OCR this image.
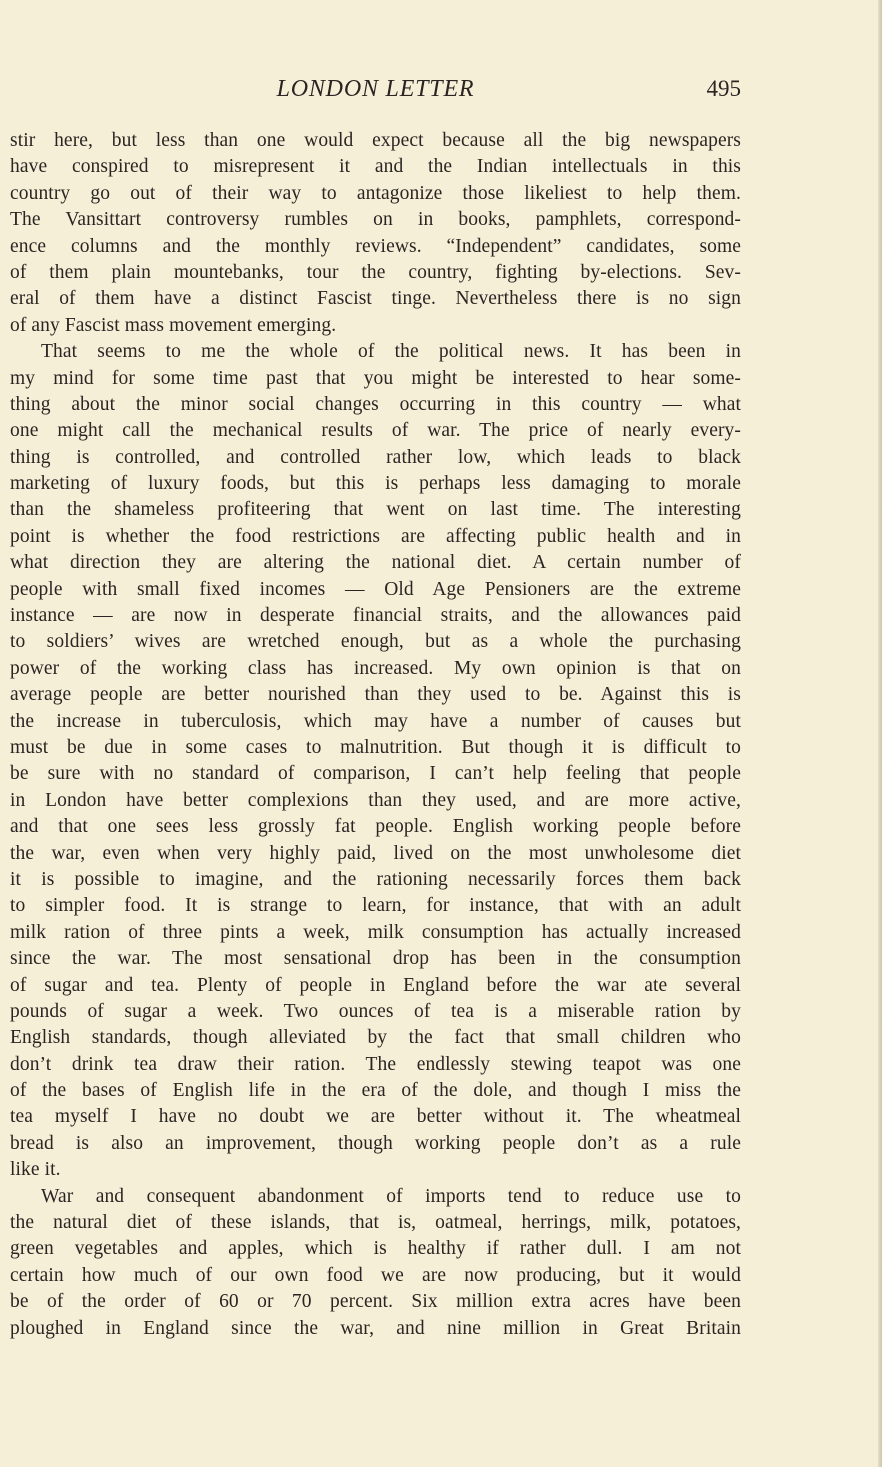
LONDON LETTER	495
stir here, but less than one would expect because all the big newspapers
have conspired to misrepresent it and the Indian intellectuals in this
country go out of their way to antagonize those likeliest to help them.
The Vansittart controversy rumbles on in books, pamphlets, correspond-
ence columns and the monthly reviews. “Independent” candidates, some
of them plain mountebanks, tour the country, fighting by-elections. Sev-
eral of them have a distinct Fascist tinge. Nevertheless there is no sign
of any Fascist mass movement emerging.
That seems to me the whole of the political news. It has been in
my mind for some time past that you might be interested to hear some-
thing about the minor social changes occurring in this country — what
one might call the mechanical results of war. The price of nearly every-
thing is controlled, and controlled rather low, which leads to black
marketing of luxury foods, but this is perhaps less damaging to morale
than the shameless profiteering that went on last time. The interesting
point is whether the food restrictions are affecting public health and in
what direction they are altering the national diet. A certain number of
people with small fixed incomes — Old Age Pensioners are the extreme
instance — are now in desperate financial straits, and the allowances paid
to soldiers’ wives are wretched enough, but as a whole the purchasing
power of the working class has increased. My own opinion is that on
average people are better nourished than they used to be. Against this is
the increase in tuberculosis, which may have a number of causes but
must be due in some cases to malnutrition. But though it is difficult to
be sure with no standard of comparison, I can’t help feeling that people
in London have better complexions than they used, and are more active,
and that one sees less grossly fat people. English working people before
the war, even when very highly paid, lived on the most unwholesome diet
it is possible to imagine, and the rationing necessarily forces them back
to simpler food. It is strange to learn, for instance, that with an adult
milk ration of three pints a week, milk consumption has actually increased
since the war. The most sensational drop has been in the consumption
of sugar and tea. Plenty of people in England before the war ate several
pounds of sugar a week. Two ounces of tea is a miserable ration by
English standards, though alleviated by the fact that small children who
don’t drink tea draw their ration. The endlessly stewing teapot was one
of the bases of English life in the era of the dole, and though I miss the
tea myself I have no doubt we are better without it. The wheatmeal
bread is also an improvement, though working people don’t as a rule
like it.
War and consequent abandonment of imports tend to reduce use to
the natural diet of these islands, that is, oatmeal, herrings, milk, potatoes,
green vegetables and apples, which is healthy if rather dull. I am not
certain how much of our own food we are now producing, but it would
be of the order of 60 or 70 percent. Six million extra acres have been
ploughed in England since the war, and nine million in Great Britain
